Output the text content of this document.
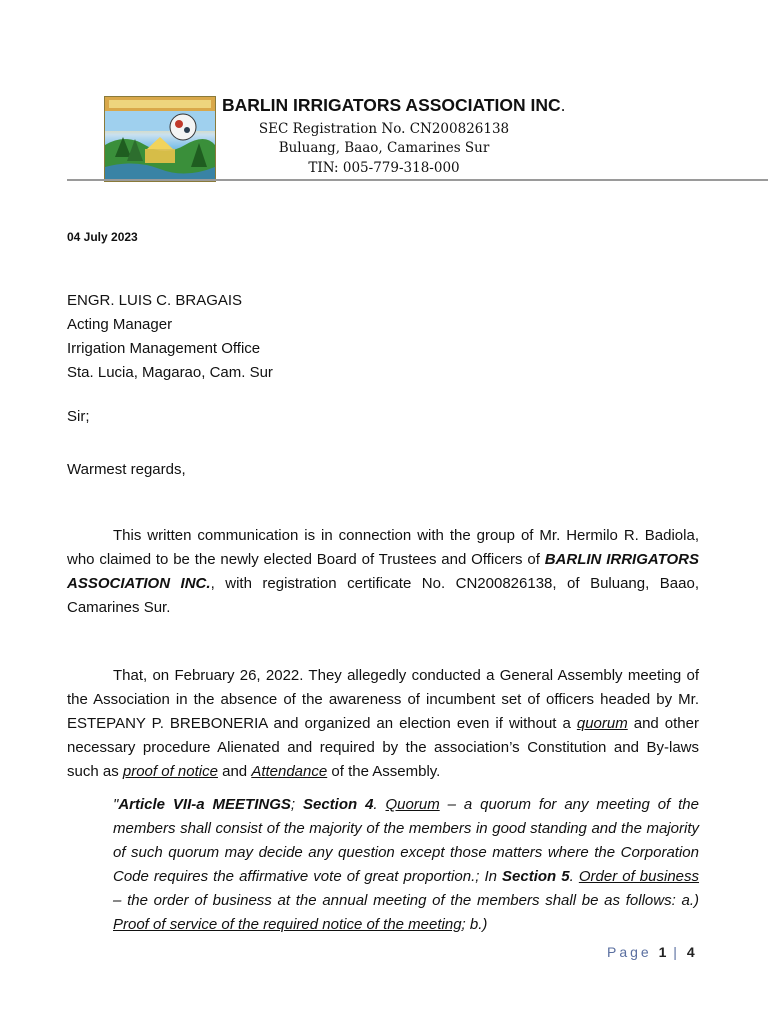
BARLIN IRRIGATORS ASSOCIATION INC.
SEC Registration No. CN200826138
Buluang, Baao, Camarines Sur
TIN: 005-779-318-000
04 July 2023
ENGR. LUIS C. BRAGAIS
Acting Manager
Irrigation Management Office
Sta. Lucia, Magarao, Cam. Sur
Sir;
Warmest regards,
This written communication is in connection with the group of Mr. Hermilo R. Badiola, who claimed to be the newly elected Board of Trustees and Officers of BARLIN IRRIGATORS ASSOCIATION INC., with registration certificate No. CN200826138, of Buluang, Baao, Camarines Sur.
That, on February 26, 2022. They allegedly conducted a General Assembly meeting of the Association in the absence of the awareness of incumbent set of officers headed by Mr. ESTEPANY P. BREBONERIA and organized an election even if without a quorum and other necessary procedure Alienated and required by the association’s Constitution and By-laws such as proof of notice and Attendance of the Assembly.
"Article VII-a MEETINGS; Section 4. Quorum – a quorum for any meeting of the members shall consist of the majority of the members in good standing and the majority of such quorum may decide any question except those matters where the Corporation Code requires the affirmative vote of great proportion.; In Section 5. Order of business – the order of business at the annual meeting of the members shall be as follows: a.) Proof of service of the required notice of the meeting; b.)
Page 1 | 4
